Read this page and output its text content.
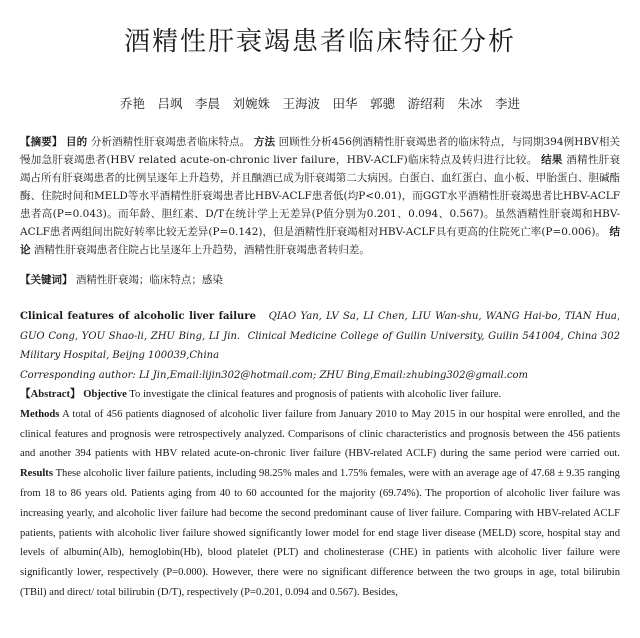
酒精性肝衰竭患者临床特征分析
乔艳　吕飒　李晨　刘婉姝　王海波　田华　郭骢　游绍莉　朱冰　李进
【摘要】 目的 分析酒精性肝衰竭患者临床特点。 方法 回顾性分析456例酒精性肝衰竭患者的临床特点，与同期394例HBV相关慢加急肝衰竭患者(HBV related acute-on-chronic liver failure，HBV-ACLF)临床特点及转归进行比较。 结果 酒精性肝衰竭占所有肝衰竭患者的比例呈逐年上升趋势，并且酗酒已成为肝衰竭第二大病因。白蛋白、血红蛋白、血小板、甲胎蛋白、胆碱酯酶、住院时间和MELD等水平酒精性肝衰竭患者比HBV-ACLF患者低(均P<0.01)，而GGT水平酒精性肝衰竭患者比HBV-ACLF患者高(P=0.043)。而年龄、胆红素、D/T在统计学上无差异(P值分别为0.201、0.094、0.567)。虽然酒精性肝衰竭和HBV-ACLF患者两组间出院好转率比较无差异(P=0.142)，但是酒精性肝衰竭相对HBV-ACLF具有更高的住院死亡率(P=0.006)。 结论 酒精性肝衰竭患者住院占比呈逐年上升趋势，酒精性肝衰竭患者转归差。
【关键词】 酒精性肝衰竭；临床特点；感染
Clinical features of alcoholic liver failure QIAO Yan, LV Sa, LI Chen, LIU Wan-shu, WANG Hai-bo, TIAN Hua, GUO Cong, YOU Shao-li, ZHU Bing, LI Jin. Clinical Medicine College of Guilin University, Guilin 541004, China 302 Military Hospital, Beijng 100039,China
Corresponding author: LI Jin,Email:lijin302@hotmail.com; ZHU Bing,Email:zhubing302@gmail.com
【Abstract】 Objective To investigate the clinical features and prognosis of patients with alcoholic liver failure.
Methods A total of 456 patients diagnosed of alcoholic liver failure from January 2010 to May 2015 in our hospital were enrolled, and the clinical features and prognosis were retrospectively analyzed. Comparisons of clinic characteristics and prognosis between the 456 patients and another 394 patients with HBV related acute-on-chronic liver failure (HBV-related ACLF) during the same period were carried out. Results These alcoholic liver failure patients, including 98.25% males and 1.75% females, were with an average age of 47.68 ± 9.35 ranging from 18 to 86 years old. Patients aging from 40 to 60 accounted for the majority (69.74%). The proportion of alcoholic liver failure was increasing yearly, and alcoholic liver failure had become the second predominant cause of liver failure. Comparing with HBV-related ACLF patients, patients with alcoholic liver failure showed significantly lower model for end stage liver disease (MELD) score, hospital stay and levels of albumin(Alb), hemoglobin(Hb), blood platelet (PLT) and cholinesterase (CHE) in patients with alcoholic liver failure were significantly lower, respectively (P=0.000). However, there were no significant difference between the two groups in age, total bilirubin (TBil) and direct/ total bilirubin (D/T), respectively (P=0.201, 0.094 and 0.567). Besides,
